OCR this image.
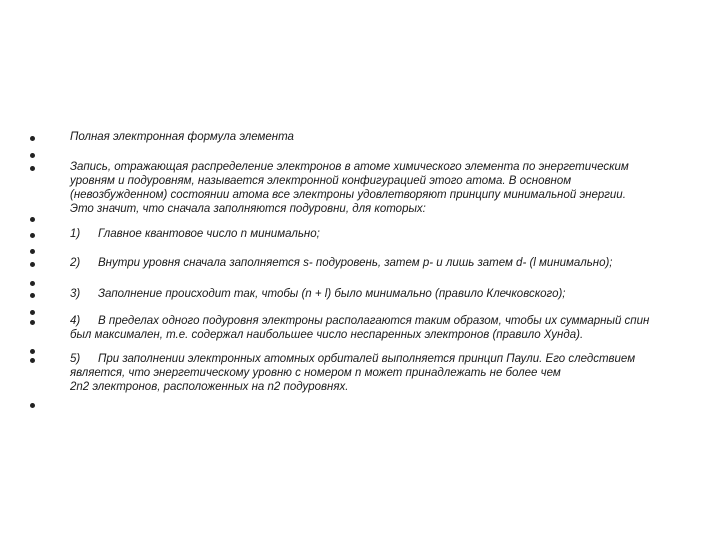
Полная электронная формула элемента
Запись, отражающая распределение электронов в атоме химического элемента по энергетическим
уровням и подуровням, называется электронной конфигурацией этого атома. В основном
(невозбужденном) состоянии атома все электроны удовлетворяют принципу минимальной энергии.
Это значит, что сначала заполняются подуровни, для которых:
1) Главное квантовое число n минимально;
2) Внутри уровня сначала заполняется s- подуровень, затем p- и лишь затем d- (l минимально);
3) Заполнение происходит так, чтобы (n + l) было минимально (правило Клечковского);
4) В пределах одного подуровня электроны располагаются таким образом, чтобы их суммарный спин
был максимален, т.е. содержал наибольшее число неспаренных электронов (правило Хунда).
5) При заполнении электронных атомных орбиталей выполняется принцип Паули. Его следствием
является, что энергетическому уровню с номером n может принадлежать не более чем
2n2 электронов, расположенных на n2 подуровнях.
